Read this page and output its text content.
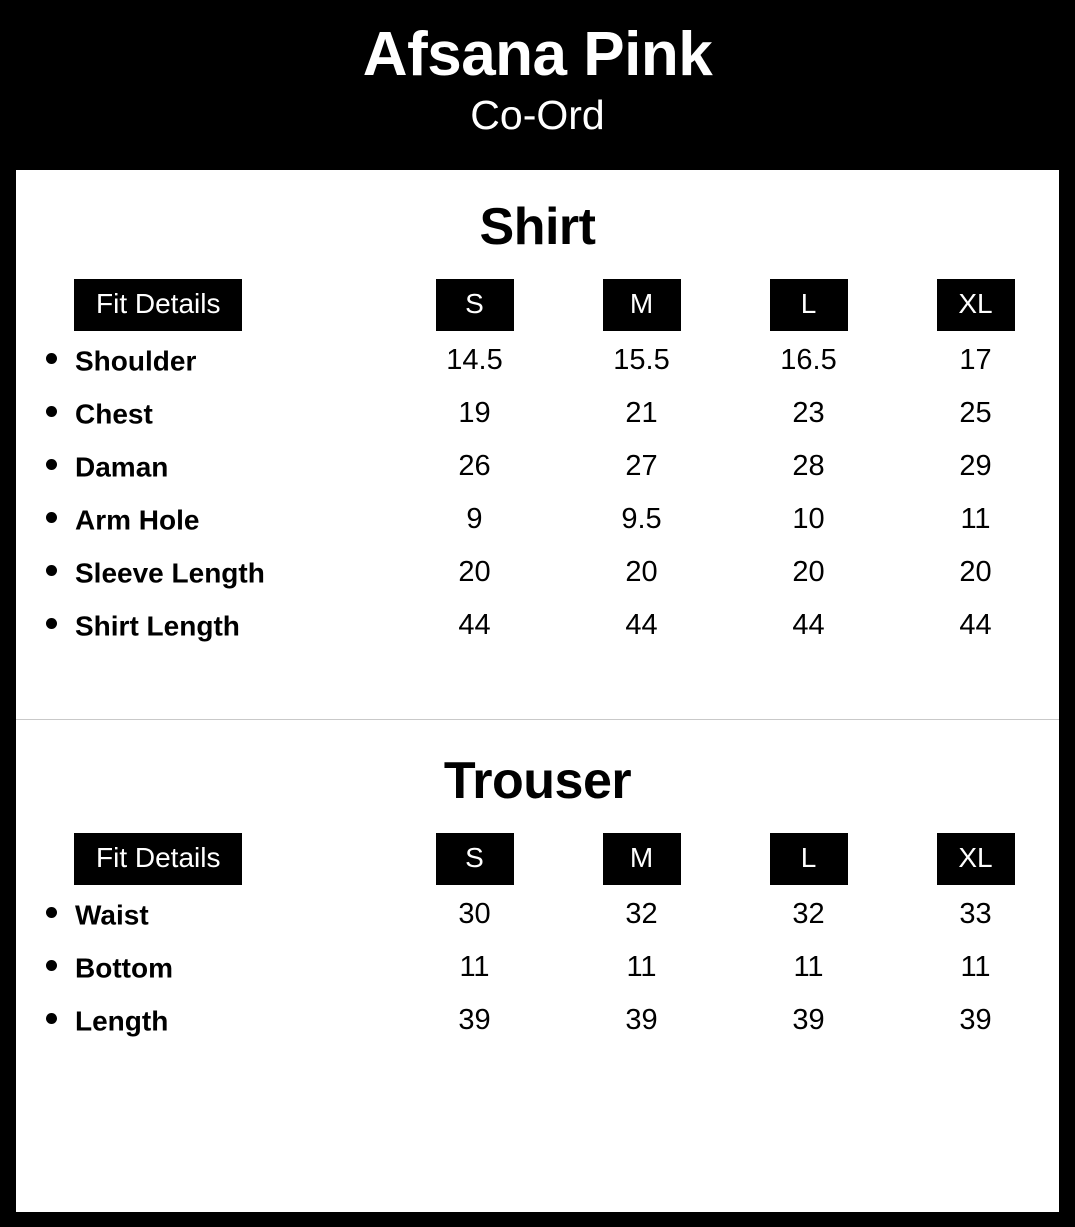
Afsana Pink
Co-Ord
Shirt
Fit Details	S	M	L	XL
Shoulder	14.5	15.5	16.5	17
Chest	19	21	23	25
Daman	26	27	28	29
Arm Hole	9	9.5	10	11
Sleeve Length	20	20	20	20
Shirt Length	44	44	44	44
Trouser
Fit Details	S	M	L	XL
Waist	30	32	32	33
Bottom	11	11	11	11
Length	39	39	39	39
